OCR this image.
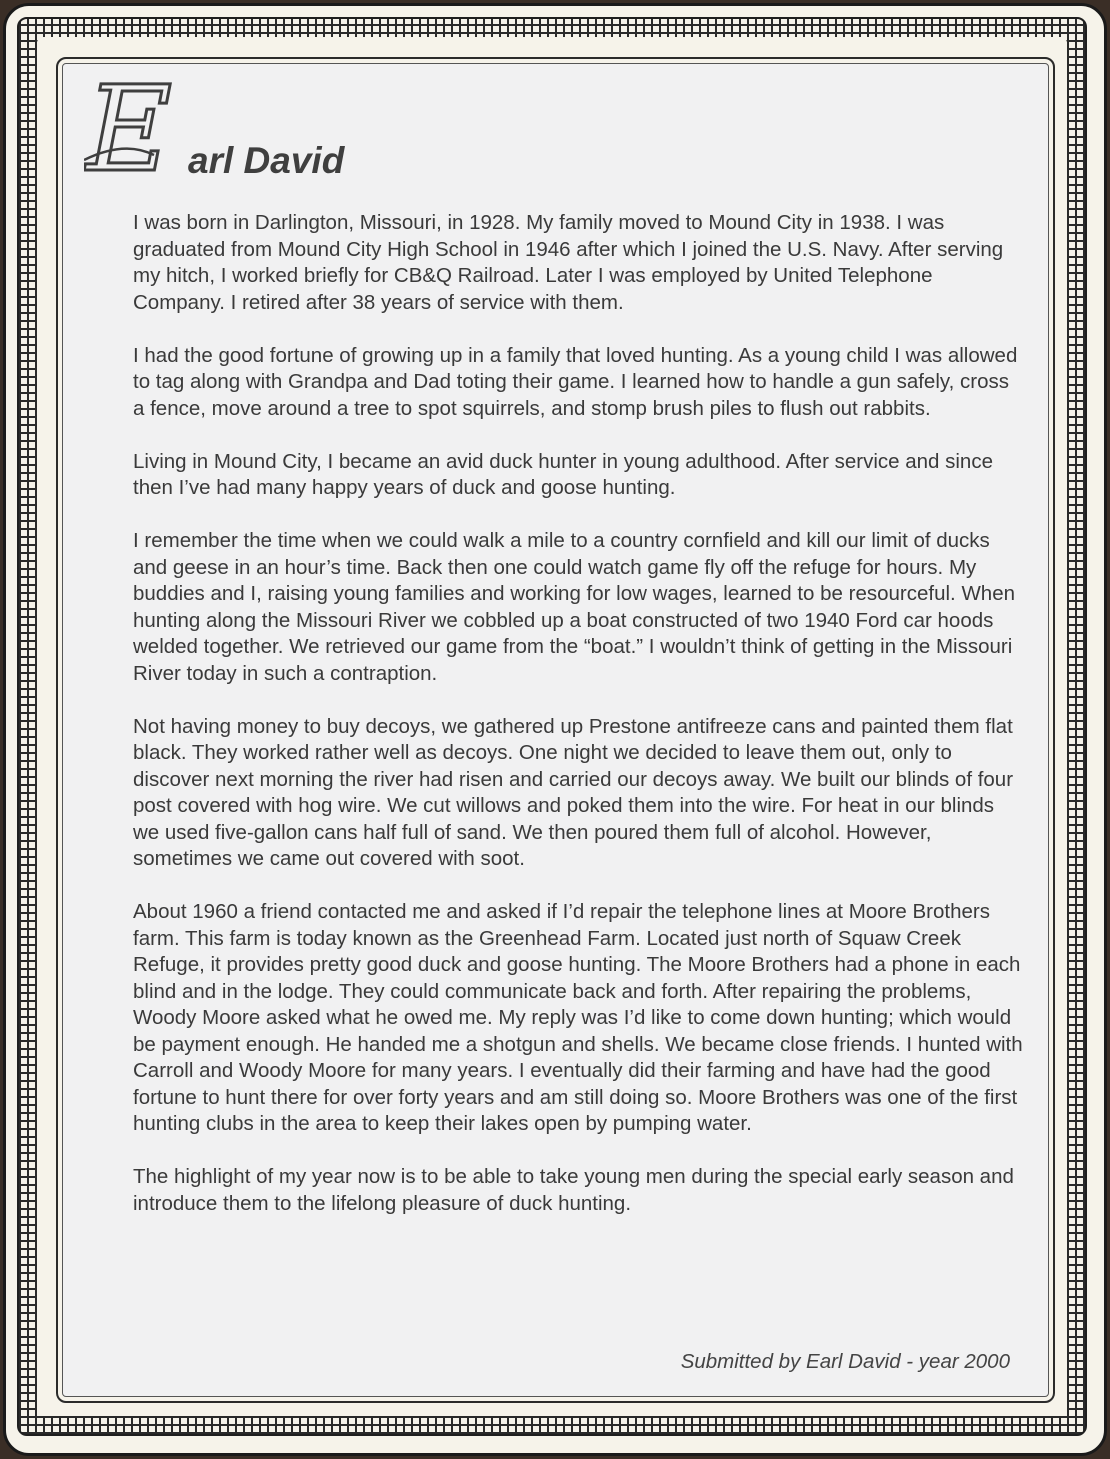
E arl David

I was born in Darlington, Missouri, in 1928. My family moved to Mound City in 1938. I was graduated from Mound City High School in 1946 after which I joined the U.S. Navy. After serving my hitch, I worked briefly for CB&Q Railroad. Later I was employed by United Telephone Company. I retired after 38 years of service with them.

I had the good fortune of growing up in a family that loved hunting. As a young child I was allowed to tag along with Grandpa and Dad toting their game. I learned how to handle a gun safely, cross a fence, move around a tree to spot squirrels, and stomp brush piles to flush out rabbits.

Living in Mound City, I became an avid duck hunter in young adulthood. After service and since then I’ve had many happy years of duck and goose hunting.

I remember the time when we could walk a mile to a country cornfield and kill our limit of ducks and geese in an hour’s time. Back then one could watch game fly off the refuge for hours. My buddies and I, raising young families and working for low wages, learned to be resourceful. When hunting along the Missouri River we cobbled up a boat constructed of two 1940 Ford car hoods welded together. We retrieved our game from the “boat.” I wouldn’t think of getting in the Missouri River today in such a contraption.

Not having money to buy decoys, we gathered up Prestone antifreeze cans and painted them flat black. They worked rather well as decoys. One night we decided to leave them out, only to discover next morning the river had risen and carried our decoys away. We built our blinds of four post covered with hog wire. We cut willows and poked them into the wire. For heat in our blinds we used five-gallon cans half full of sand. We then poured them full of alcohol. However, sometimes we came out covered with soot.

About 1960 a friend contacted me and asked if I’d repair the telephone lines at Moore Brothers farm. This farm is today known as the Greenhead Farm. Located just north of Squaw Creek Refuge, it provides pretty good duck and goose hunting. The Moore Brothers had a phone in each blind and in the lodge. They could communicate back and forth. After repairing the problems, Woody Moore asked what he owed me. My reply was I’d like to come down hunting; which would be payment enough. He handed me a shotgun and shells. We became close friends. I hunted with Carroll and Woody Moore for many years. I eventually did their farming and have had the good fortune to hunt there for over forty years and am still doing so. Moore Brothers was one of the first hunting clubs in the area to keep their lakes open by pumping water.

The highlight of my year now is to be able to take young men during the special early season and introduce them to the lifelong pleasure of duck hunting.

Submitted by Earl David - year 2000
